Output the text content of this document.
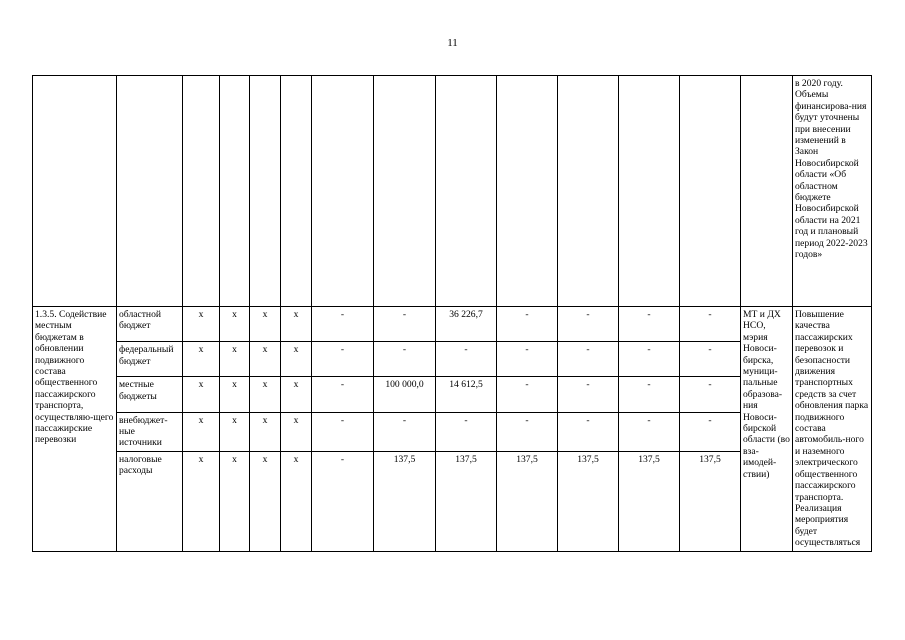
11
														в 2020 году. Объемы финансирова-ния будут уточнены при внесении изменений в Закон Новосибирской области «Об областном бюджете Новосибирской области на 2021 год и плановый период 2022-2023 годов»
1.3.5. Содействие местным бюджетам в обновлении подвижного состава общественного пассажирского транспорта, осуществляю-щего пассажирские перевозки	областной бюджет	х	х	х	х	-	-	36 226,7	-	-	-	-	МТ и ДХ НСО, мэрия Новоси-бирска, муници-пальные образова-ния Новоси-бирской области (во вза-имодей-ствии)	Повышение качества пассажирских перевозок и безопасности движения транспортных средств за счет обновления парка подвижного состава автомобиль-ного и наземного электрического общественного пассажирского транспорта. Реализация мероприятия будет осуществляться
	федеральный бюджет	х	х	х	х	-	-	-	-	-	-	-		
	местные бюджеты	х	х	х	х	-	100 000,0	14 612,5	-	-	-	-		
	внебюджет-ные источники	х	х	х	х	-	-	-	-	-	-	-		
	налоговые расходы	х	х	х	х	-	137,5	137,5	137,5	137,5	137,5	137,5		
